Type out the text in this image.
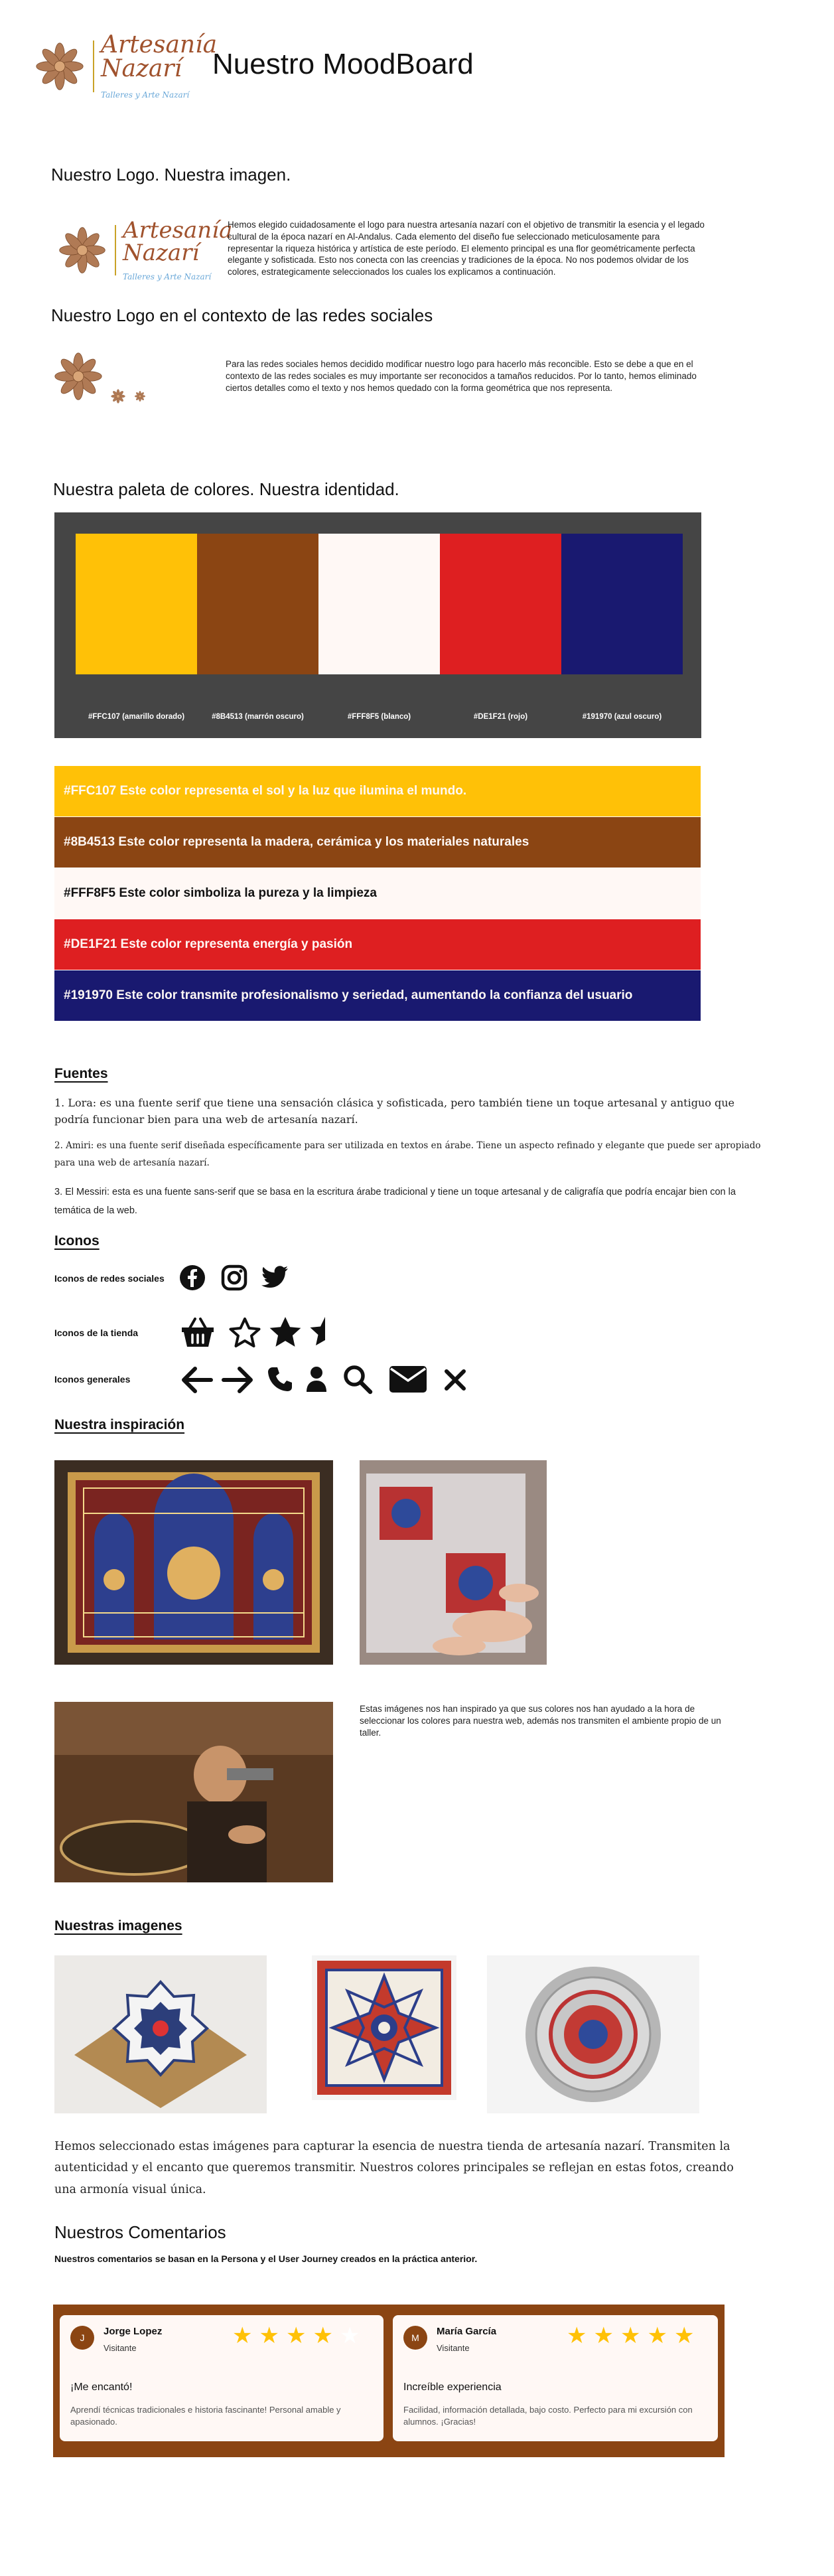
Artesanía
Nazarí
Talleres y Arte Nazarí
Nuestro MoodBoard
Nuestro Logo. Nuestra imagen.
Artesanía
Nazarí
Talleres y Arte Nazarí
Hemos elegido cuidadosamente el logo para nuestra artesanía nazarí con el objetivo de transmitir la esencia y el legado cultural de la época nazarí en Al-Andalus. Cada elemento del diseño fue seleccionado meticulosamente para representar la riqueza histórica y artística de este período. El elemento principal es una flor geométricamente perfecta elegante y sofisticada. Esto nos conecta con las creencias y tradiciones de la época. No nos podemos olvidar de los colores, estrategicamente seleccionados los cuales los explicamos a continuación.
Nuestro Logo en el contexto de las redes sociales
Para las redes sociales hemos decidido modificar nuestro logo para hacerlo más reconcible. Esto se debe a que en el contexto de las redes sociales es muy importante ser reconocidos a tamaños reducidos. Por lo tanto, hemos eliminado ciertos detalles como el texto y nos hemos quedado con la forma geométrica que nos representa.
Nuestra paleta de colores. Nuestra identidad.
#FFC107 (amarillo dorado)	#8B4513 (marrón oscuro)	#FFF8F5 (blanco)	#DE1F21 (rojo)	#191970 (azul oscuro)
#FFC107 Este color representa el sol y la luz que ilumina el mundo.
#8B4513 Este color representa la madera, cerámica y los materiales naturales
#FFF8F5 Este color simboliza la pureza y la limpieza
#DE1F21 Este color representa energía y pasión
#191970 Este color transmite profesionalismo y seriedad, aumentando la confianza del usuario
Fuentes
1. Lora: es una fuente serif que tiene una sensación clásica y sofisticada, pero también tiene un toque artesanal y antiguo que podría funcionar bien para una web de artesanía nazarí.
2. Amiri: es una fuente serif diseñada específicamente para ser utilizada en textos en árabe. Tiene un aspecto refinado y elegante que puede ser apropiado para una web de artesanía nazarí.
3. El Messiri: esta es una fuente sans-serif que se basa en la escritura árabe tradicional y tiene un toque artesanal y de caligrafía que podría encajar bien con la temática de la web.
Iconos
Iconos de redes sociales
Iconos de la tienda
Iconos generales
Nuestra inspiración
Estas imágenes nos han inspirado ya que sus colores nos han ayudado a la hora de seleccionar los colores para nuestra web, además nos transmiten el ambiente propio de un taller.
Nuestras imagenes
Hemos seleccionado estas imágenes para capturar la esencia de nuestra tienda de artesanía nazarí. Transmiten la autenticidad y el encanto que queremos transmitir. Nuestros colores principales se reflejan en estas fotos, creando una armonía visual única.
Nuestros Comentarios
Nuestros comentarios se basan en la Persona y el User Journey creados en la práctica anterior.
J
Jorge Lopez
Visitante	★ ★ ★ ★ ★
¡Me encantó!
Aprendí técnicas tradicionales e historia fascinante! Personal amable y apasionado.
M
María García
Visitante	★ ★ ★ ★ ★
Increíble experiencia
Facilidad, información detallada, bajo costo. Perfecto para mi excursión con alumnos. ¡Gracias!
